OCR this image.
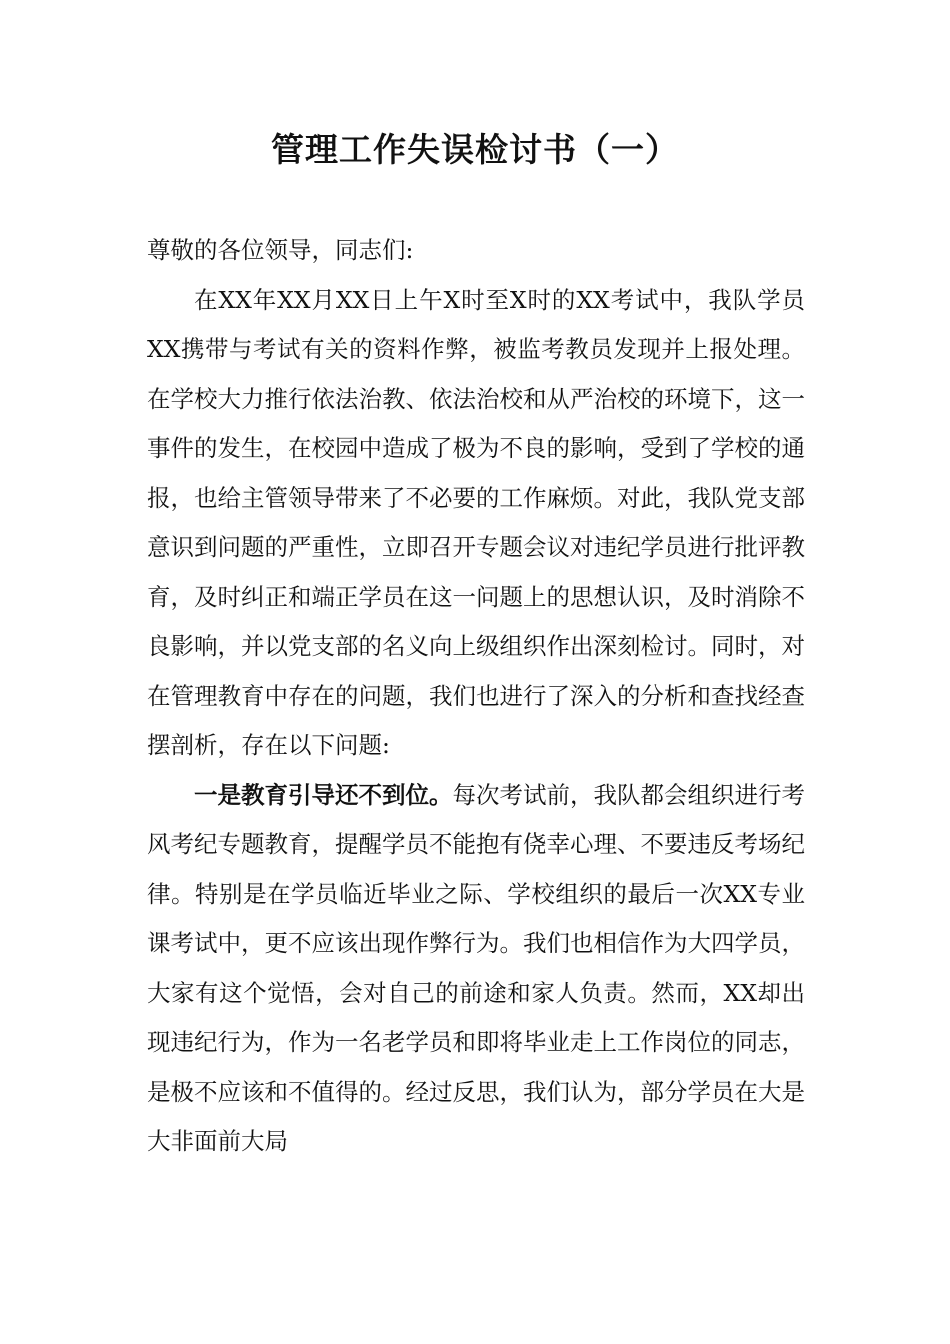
管理工作失误检讨书（一）

尊敬的各位领导，同志们:

在XX年XX月XX日上午X时至X时的XX考试中，我队学员XX携带与考试有关的资料作弊，被监考教员发现并上报处理。在学校大力推行依法治教、依法治校和从严治校的环境下，这一事件的发生，在校园中造成了极为不良的影响，受到了学校的通报，也给主管领导带来了不必要的工作麻烦。对此，我队党支部意识到问题的严重性，立即召开专题会议对违纪学员进行批评教育，及时纠正和端正学员在这一问题上的思想认识，及时消除不良影响，并以党支部的名义向上级组织作出深刻检讨。同时，对在管理教育中存在的问题，我们也进行了深入的分析和查找经查摆剖析，存在以下问题:

一是教育引导还不到位。每次考试前，我队都会组织进行考风考纪专题教育，提醒学员不能抱有侥幸心理、不要违反考场纪律。特别是在学员临近毕业之际、学校组织的最后一次XX专业课考试中，更不应该出现作弊行为。我们也相信作为大四学员，大家有这个觉悟，会对自己的前途和家人负责。然而，XX却出现违纪行为，作为一名老学员和即将毕业走上工作岗位的同志，是极不应该和不值得的。经过反思，我们认为，部分学员在大是大非面前大局
